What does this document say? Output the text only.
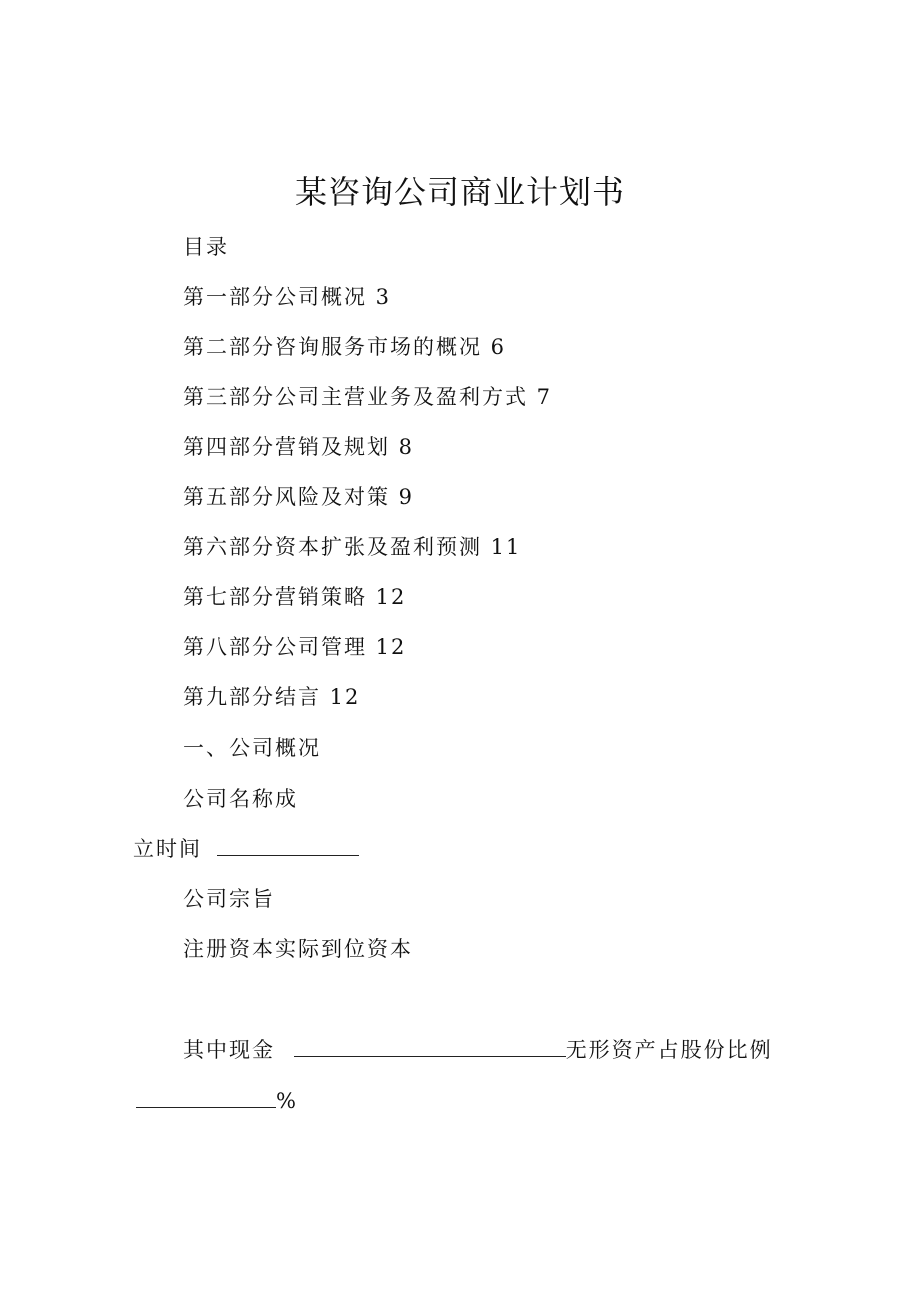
某咨询公司商业计划书
目录
第一部分公司概况 3
第二部分咨询服务市场的概况 6
第三部分公司主营业务及盈利方式 7
第四部分营销及规划 8
第五部分风险及对策 9
第六部分资本扩张及盈利预测 11
第七部分营销策略 12
第八部分公司管理 12
第九部分结言 12
一、公司概况
公司名称成
立时间
公司宗旨
注册资本实际到位资本
其中现金	无形资产占股份比例
%
